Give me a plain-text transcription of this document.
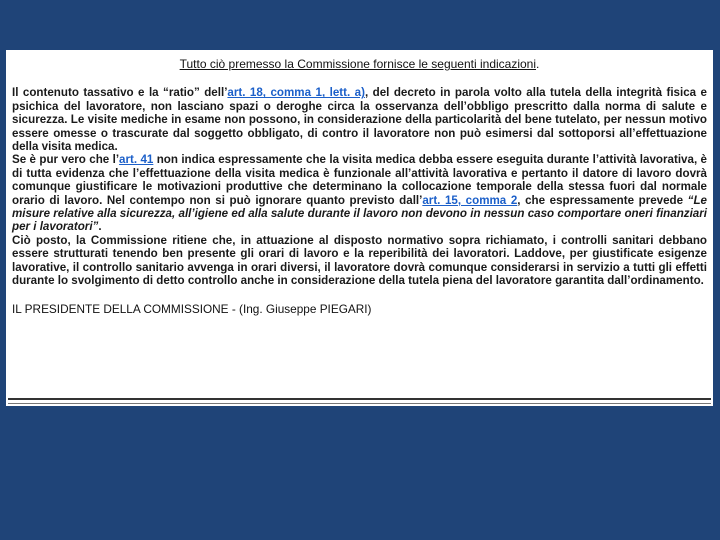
Tutto ciò premesso la Commissione fornisce le seguenti indicazioni.
Il contenuto tassativo e la “ratio” dell’art. 18, comma 1, lett. a), del decreto in parola volto alla tutela della integrità fisica e psichica del lavoratore, non lasciano spazi o deroghe circa la osservanza dell’obbligo prescritto dalla norma di salute e sicurezza. Le visite mediche in esame non possono, in considerazione della particolarità del bene tutelato, per nessun motivo essere omesse o trascurate dal soggetto obbligato, di contro il lavoratore non può esimersi dal sottoporsi all’effettuazione della visita medica.
Se è pur vero che l’art. 41 non indica espressamente che la visita medica debba essere eseguita durante l’attività lavorativa, è di tutta evidenza che l’effettuazione della visita medica è funzionale all’attività lavorativa e pertanto il datore di lavoro dovrà comunque giustificare le motivazioni produttive che determinano la collocazione temporale della stessa fuori dal normale orario di lavoro. Nel contempo non si può ignorare quanto previsto dall’art. 15, comma 2, che espressamente prevede “Le misure relative alla sicurezza, all’igiene ed alla salute durante il lavoro non devono in nessun caso comportare oneri finanziari per i lavoratori”.
Ciò posto, la Commissione ritiene che, in attuazione al disposto normativo sopra richiamato, i controlli sanitari debbano essere strutturati tenendo ben presente gli orari di lavoro e la reperibilità dei lavoratori. Laddove, per giustificate esigenze lavorative, il controllo sanitario avvenga in orari diversi, il lavoratore dovrà comunque considerarsi in servizio a tutti gli effetti durante lo svolgimento di detto controllo anche in considerazione della tutela piena del lavoratore garantita dall’ordinamento.
IL PRESIDENTE DELLA COMMISSIONE - (Ing. Giuseppe PIEGARI)
